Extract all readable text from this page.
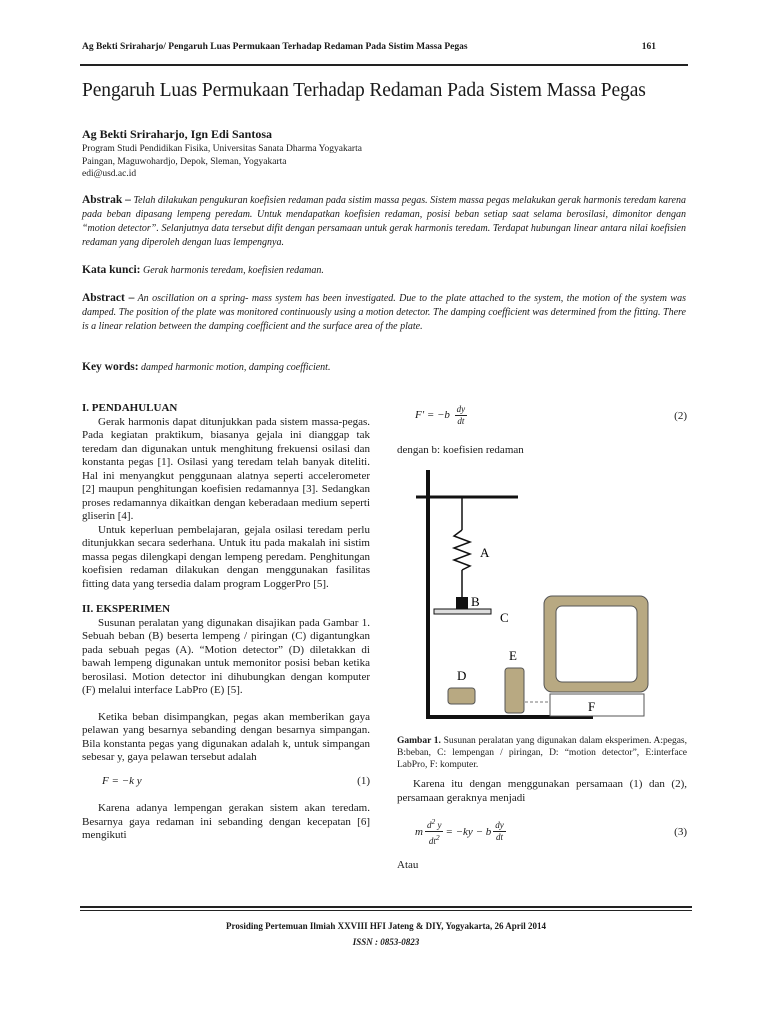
Ag Bekti Sriraharjo/ Pengaruh Luas Permukaan Terhadap Redaman Pada Sistim Massa Pegas	161
Pengaruh Luas Permukaan Terhadap Redaman Pada Sistem Massa Pegas
Ag Bekti Sriraharjo, Ign Edi Santosa
Program Studi Pendidikan Fisika, Universitas Sanata Dharma Yogyakarta
Paingan, Maguwohardjo, Depok, Sleman, Yogyakarta
edi@usd.ac.id
Abstrak – Telah dilakukan pengukuran koefisien redaman pada sistim massa pegas. Sistem massa pegas melakukan gerak harmonis teredam karena pada beban dipasang lempeng peredam. Untuk mendapatkan koefisien redaman, posisi beban setiap saat selama berosilasi, dimonitor dengan “motion detector”. Selanjutnya data tersebut difit dengan persamaan untuk gerak harmonis teredam. Terdapat hubungan linear antara nilai koefisien redaman yang diperoleh dengan luas lempengnya.
Kata kunci: Gerak harmonis teredam, koefisien redaman.
Abstract – An oscillation on a spring- mass system has been investigated. Due to the plate attached to the system, the motion of the system was damped. The position of the plate was monitored continuously using a motion detector. The damping coefficient was determined from the fitting. There is a linear relation between the damping coefficient and the surface area of the plate.
Key words: damped harmonic motion, damping coefficient.
I. PENDAHULUAN

Gerak harmonis dapat ditunjukkan pada sistem massa-pegas. Pada kegiatan praktikum, biasanya gejala ini dianggap tak teredam dan digunakan untuk menghitung frekuensi osilasi dan konstanta pegas [1]. Osilasi yang teredam telah banyak diteliti. Hal ini menyangkut penggunaan alatnya seperti accelerometer [2] maupun penghitungan koefisien redamannya [3]. Sedangkan proses redamannya dikaitkan dengan keberadaan medium seperti gliserin [4].

Untuk keperluan pembelajaran, gejala osilasi teredam perlu ditunjukkan secara sederhana. Untuk itu pada makalah ini sistim massa pegas dilengkapi dengan lempeng peredam. Penghitungan koefisien redaman dilakukan dengan menggunakan fasilitas fitting data yang tersedia dalam program LoggerPro [5].

II. EKSPERIMEN

Susunan peralatan yang digunakan disajikan pada Gambar 1. Sebuah beban (B) beserta lempeng / piringan (C) digantungkan pada sebuah pegas (A). “Motion detector” (D) diletakkan di bawah lempeng digunakan untuk memonitor posisi beban ketika berosilasi. Motion detector ini dihubungkan dengan komputer (F) melalui interface LabPro (E) [5].

Ketika beban disimpangkan, pegas akan memberikan gaya pelawan yang besarnya sebanding dengan besarnya simpangan. Bila konstanta pegas yang digunakan adalah k, untuk simpangan sebesar y, gaya pelawan tersebut adalah

F = −k y	(1)

Karena adanya lempengan gerakan sistem akan teredam. Besarnya gaya redaman ini sebanding dengan kecepatan [6] mengikuti

$F' = -b \frac{dy}{dt}$	(2)
dengan b: koefisien redaman
A
B
C
D
E
F
Gambar 1. Susunan peralatan yang digunakan dalam eksperimen. A:pegas, B:beban, C: lempengan / piringan, D: “motion detector”, E:interface LabPro, F: komputer.
Karena itu dengan menggunakan persamaan (1) dan (2), persamaan geraknya menjadi
m $\frac{d^2 y}{dt^2} = -ky - b \frac{dy}{dt}$	(3)
Atau
Prosiding Pertemuan Ilmiah XXVIII HFI Jateng & DIY, Yogyakarta, 26 April 2014
ISSN : 0853-0823
